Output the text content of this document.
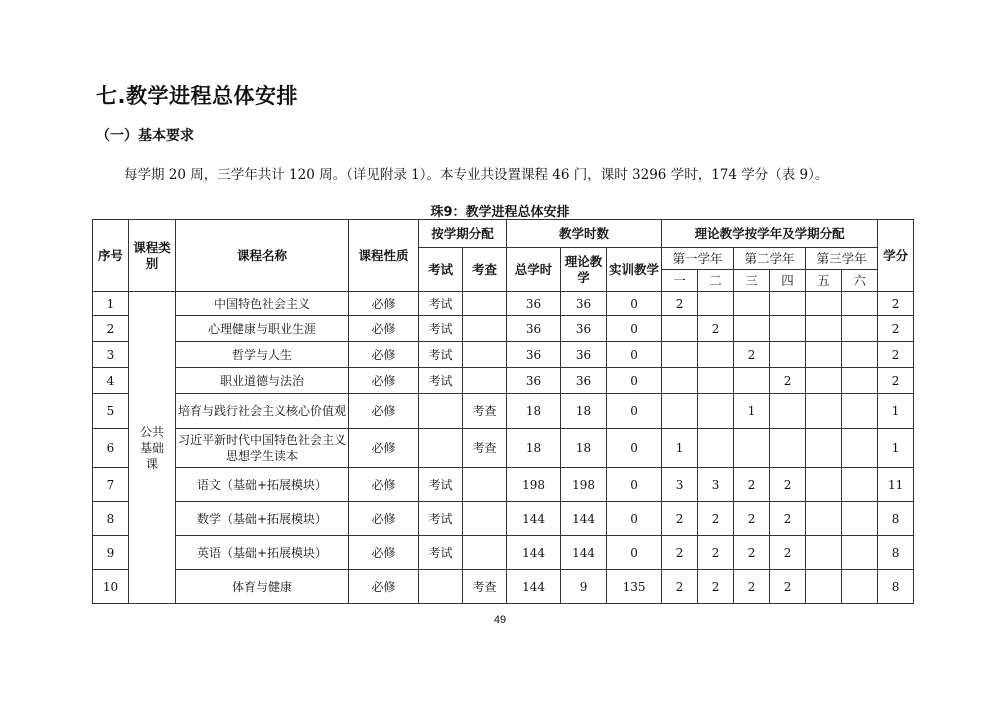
七.教学进程总体安排
（一）基本要求
每学期 20 周，三学年共计 120 周。（详见附录 1）。本专业共设置课程 46 门，课时 3296 学时，174 学分（表 9）。
珠9：教学进程总体安排
序号	课程类别	课程名称	课程性质	按学期分配		教学时数			理论教学按学年及学期分配						学分
				考试	考查	总学时	理论教学	实训教学	第一学年		第二学年		第三学年		
									一	二	三	四	五	六	
1	公共基础课	中国特色社会主义	必修	考试		36	36	0	2						2
2		心理健康与职业生涯	必修	考试		36	36	0		2					2
3		哲学与人生	必修	考试		36	36	0			2				2
4		职业道德与法治	必修	考试		36	36	0				2			2
5		培育与践行社会主义核心价值观	必修		考查	18	18	0			1				1
6		习近平新时代中国特色社会主义思想学生读本	必修		考查	18	18	0	1						1
7		语文（基础+拓展模块）	必修	考试		198	198	0	3	3	2	2			11
8		数学（基础+拓展模块）	必修	考试		144	144	0	2	2	2	2			8
9		英语（基础+拓展模块）	必修	考试		144	144	0	2	2	2	2			8
10		体育与健康	必修		考查	144	9	135	2	2	2	2			8
49
